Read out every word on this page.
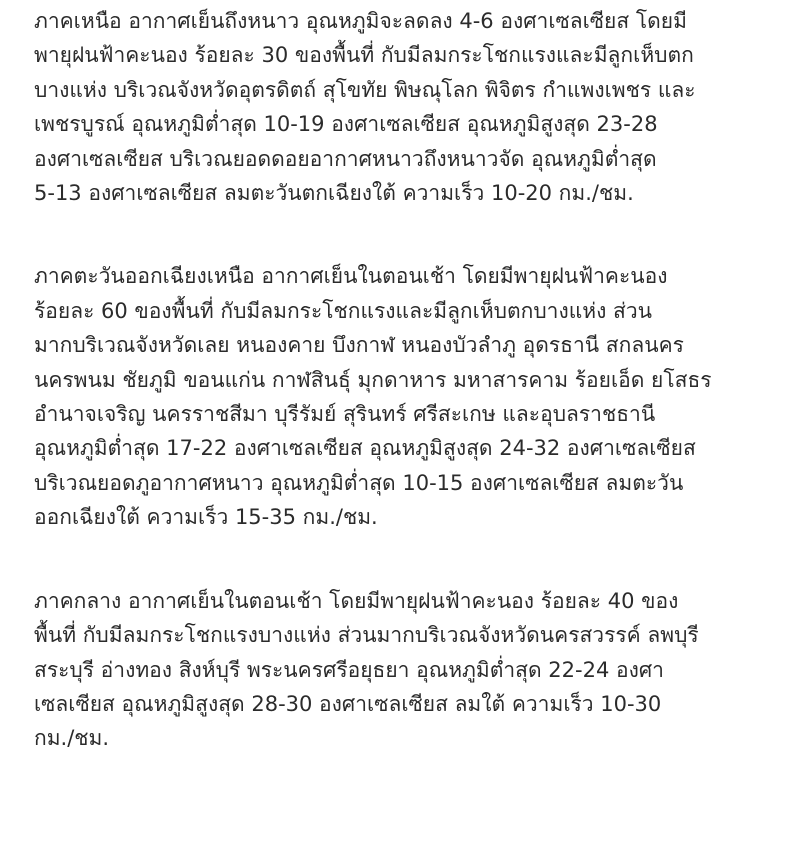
ภาคเหนือ อากาศเย็นถึงหนาว อุณหภูมิจะลดลง 4-6 องศาเซลเซียส โดยมี
พายุฝนฟ้าคะนอง ร้อยละ 30 ของพื้นที่ กับมีลมกระโชกแรงและมีลูกเห็บตก
บางแห่ง บริเวณจังหวัดอุตรดิตถ์ สุโขทัย พิษณุโลก พิจิตร กำแพงเพชร และ
เพชรบูรณ์ อุณหภูมิต่ำสุด 10-19 องศาเซลเซียส อุณหภูมิสูงสุด 23-28
องศาเซลเซียส บริเวณยอดดอยอากาศหนาวถึงหนาวจัด อุณหภูมิต่ำสุด
5-13 องศาเซลเซียส ลมตะวันตกเฉียงใต้ ความเร็ว 10-20 กม./ชม.

ภาคตะวันออกเฉียงเหนือ อากาศเย็นในตอนเช้า โดยมีพายุฝนฟ้าคะนอง
ร้อยละ 60 ของพื้นที่ กับมีลมกระโชกแรงและมีลูกเห็บตกบางแห่ง ส่วน
มากบริเวณจังหวัดเลย หนองคาย บึงกาฬ หนองบัวลำภู อุดรธานี สกลนคร
นครพนม ชัยภูมิ ขอนแก่น กาฬสินธุ์ มุกดาหาร มหาสารคาม ร้อยเอ็ด ยโสธร
อำนาจเจริญ นครราชสีมา บุรีรัมย์ สุรินทร์ ศรีสะเกษ และอุบลราชธานี
อุณหภูมิต่ำสุด 17-22 องศาเซลเซียส อุณหภูมิสูงสุด 24-32 องศาเซลเซียส
บริเวณยอดภูอากาศหนาว อุณหภูมิต่ำสุด 10-15 องศาเซลเซียส ลมตะวัน
ออกเฉียงใต้ ความเร็ว 15-35 กม./ชม.

ภาคกลาง อากาศเย็นในตอนเช้า โดยมีพายุฝนฟ้าคะนอง ร้อยละ 40 ของ
พื้นที่ กับมีลมกระโชกแรงบางแห่ง ส่วนมากบริเวณจังหวัดนครสวรรค์ ลพบุรี
สระบุรี อ่างทอง สิงห์บุรี พระนครศรีอยุธยา อุณหภูมิต่ำสุด 22-24 องศา
เซลเซียส อุณหภูมิสูงสุด 28-30 องศาเซลเซียส ลมใต้ ความเร็ว 10-30
กม./ชม.
